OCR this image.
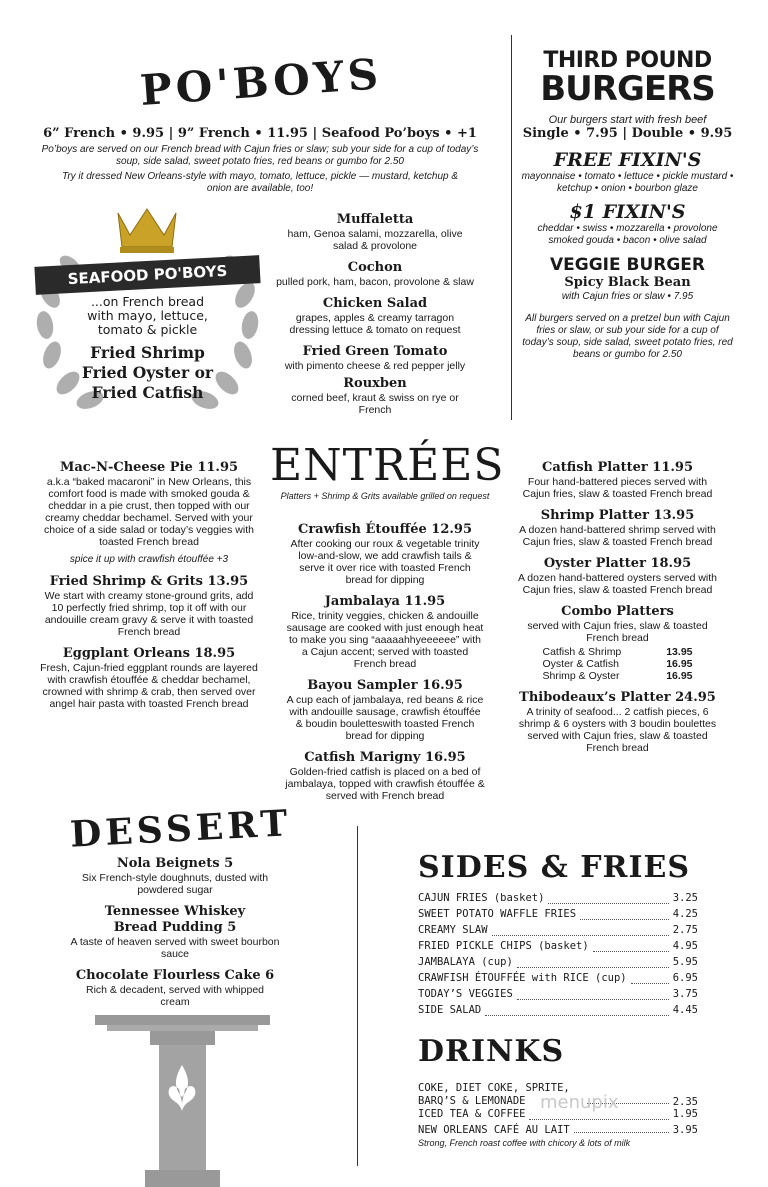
PO'BOYS
6” French • 9.95 | 9” French • 11.95 | Seafood Po’boys • +1
Po’boys are served on our French bread with Cajun fries or slaw; sub your side for a cup of today’s soup, side salad, sweet potato fries, red beans or gumbo for 2.50
Try it dressed New Orleans-style with mayo, tomato, lettuce, pickle — mustard, ketchup & onion are available, too!
SEAFOOD PO'BOYS
...on French bread with mayo, lettuce, tomato & pickle
Fried Shrimp
Fried Oyster or
Fried Catfish
Muffaletta
ham, Genoa salami, mozzarella, olive salad & provolone
Cochon
pulled pork, ham, bacon, provolone & slaw
Chicken Salad
grapes, apples & creamy tarragon dressing lettuce & tomato on request
Fried Green Tomato
with pimento cheese & red pepper jelly
Rouxben
corned beef, kraut & swiss on rye or French
THIRD POUND
BURGERS
Our burgers start with fresh beef
Single • 7.95 | Double • 9.95
FREE FIXIN'S
mayonnaise • tomato • lettuce • pickle mustard • ketchup • onion • bourbon glaze
$1 FIXIN'S
cheddar • swiss • mozzarella • provolone smoked gouda • bacon • olive salad
VEGGIE BURGER
Spicy Black Bean
with Cajun fries or slaw • 7.95
All burgers served on a pretzel bun with Cajun fries or slaw, or sub your side for a cup of today’s soup, side salad, sweet potato fries, red beans or gumbo for 2.50
ENTRÉES
Platters + Shrimp & Grits available grilled on request
Mac-N-Cheese Pie 11.95
a.k.a “baked macaroni” in New Orleans, this comfort food is made with smoked gouda & cheddar in a pie crust, then topped with our creamy cheddar bechamel. Served with your choice of a side salad or today’s veggies with toasted French bread
spice it up with crawfish étouffée +3
Fried Shrimp & Grits 13.95
We start with creamy stone-ground grits, add 10 perfectly fried shrimp, top it off with our andouille cream gravy & serve it with toasted French bread
Eggplant Orleans 18.95
Fresh, Cajun-fried eggplant rounds are layered with crawfish étouffée & cheddar bechamel, crowned with shrimp & crab, then served over angel hair pasta with toasted French bread
Crawfish Étouffée 12.95
After cooking our roux & vegetable trinity low-and-slow, we add crawfish tails & serve it over rice with toasted French bread for dipping
Jambalaya 11.95
Rice, trinity veggies, chicken & andouille sausage are cooked with just enough heat to make you sing “aaaaahhyeeeeee” with a Cajun accent; served with toasted French bread
Bayou Sampler 16.95
A cup each of jambalaya, red beans & rice with andouille sausage, crawfish étouffée & boudin bouletteswith toasted French bread for dipping
Catfish Marigny 16.95
Golden-fried catfish is placed on a bed of jambalaya, topped with crawfish étouffée & served with French bread
Catfish Platter 11.95
Four hand-battered pieces served with Cajun fries, slaw & toasted French bread
Shrimp Platter 13.95
A dozen hand-battered shrimp served with Cajun fries, slaw & toasted French bread
Oyster Platter 18.95
A dozen hand-battered oysters served with Cajun fries, slaw & toasted French bread
Combo Platters
served with Cajun fries, slaw & toasted French bread
Catfish & Shrimp	13.95
Oyster & Catfish	16.95
Shrimp & Oyster	16.95
Thibodeaux’s Platter 24.95
A trinity of seafood... 2 catfish pieces, 6 shrimp & 6 oysters with 3 boudin boulettes served with Cajun fries, slaw & toasted French bread
DESSERT
Nola Beignets 5
Six French-style doughnuts, dusted with powdered sugar
Tennessee Whiskey Bread Pudding 5
A taste of heaven served with sweet bourbon sauce
Chocolate Flourless Cake 6
Rich & decadent, served with whipped cream
SIDES & FRIES
CAJUN FRIES (basket)	3.25
SWEET POTATO WAFFLE FRIES	4.25
CREAMY SLAW	2.75
FRIED PICKLE CHIPS (basket)	4.95
JAMBALAYA (cup)	5.95
CRAWFISH ÉTOUFFÉE with RICE (cup)	6.95
TODAY’S VEGGIES	3.75
SIDE SALAD	4.45
DRINKS
COKE, DIET COKE, SPRITE, BARQ’S & LEMONADE	2.35
ICED TEA & COFFEE	1.95
NEW ORLEANS CAFÉ AU LAIT	3.95
Strong, French roast coffee with chicory & lots of milk
menupix
